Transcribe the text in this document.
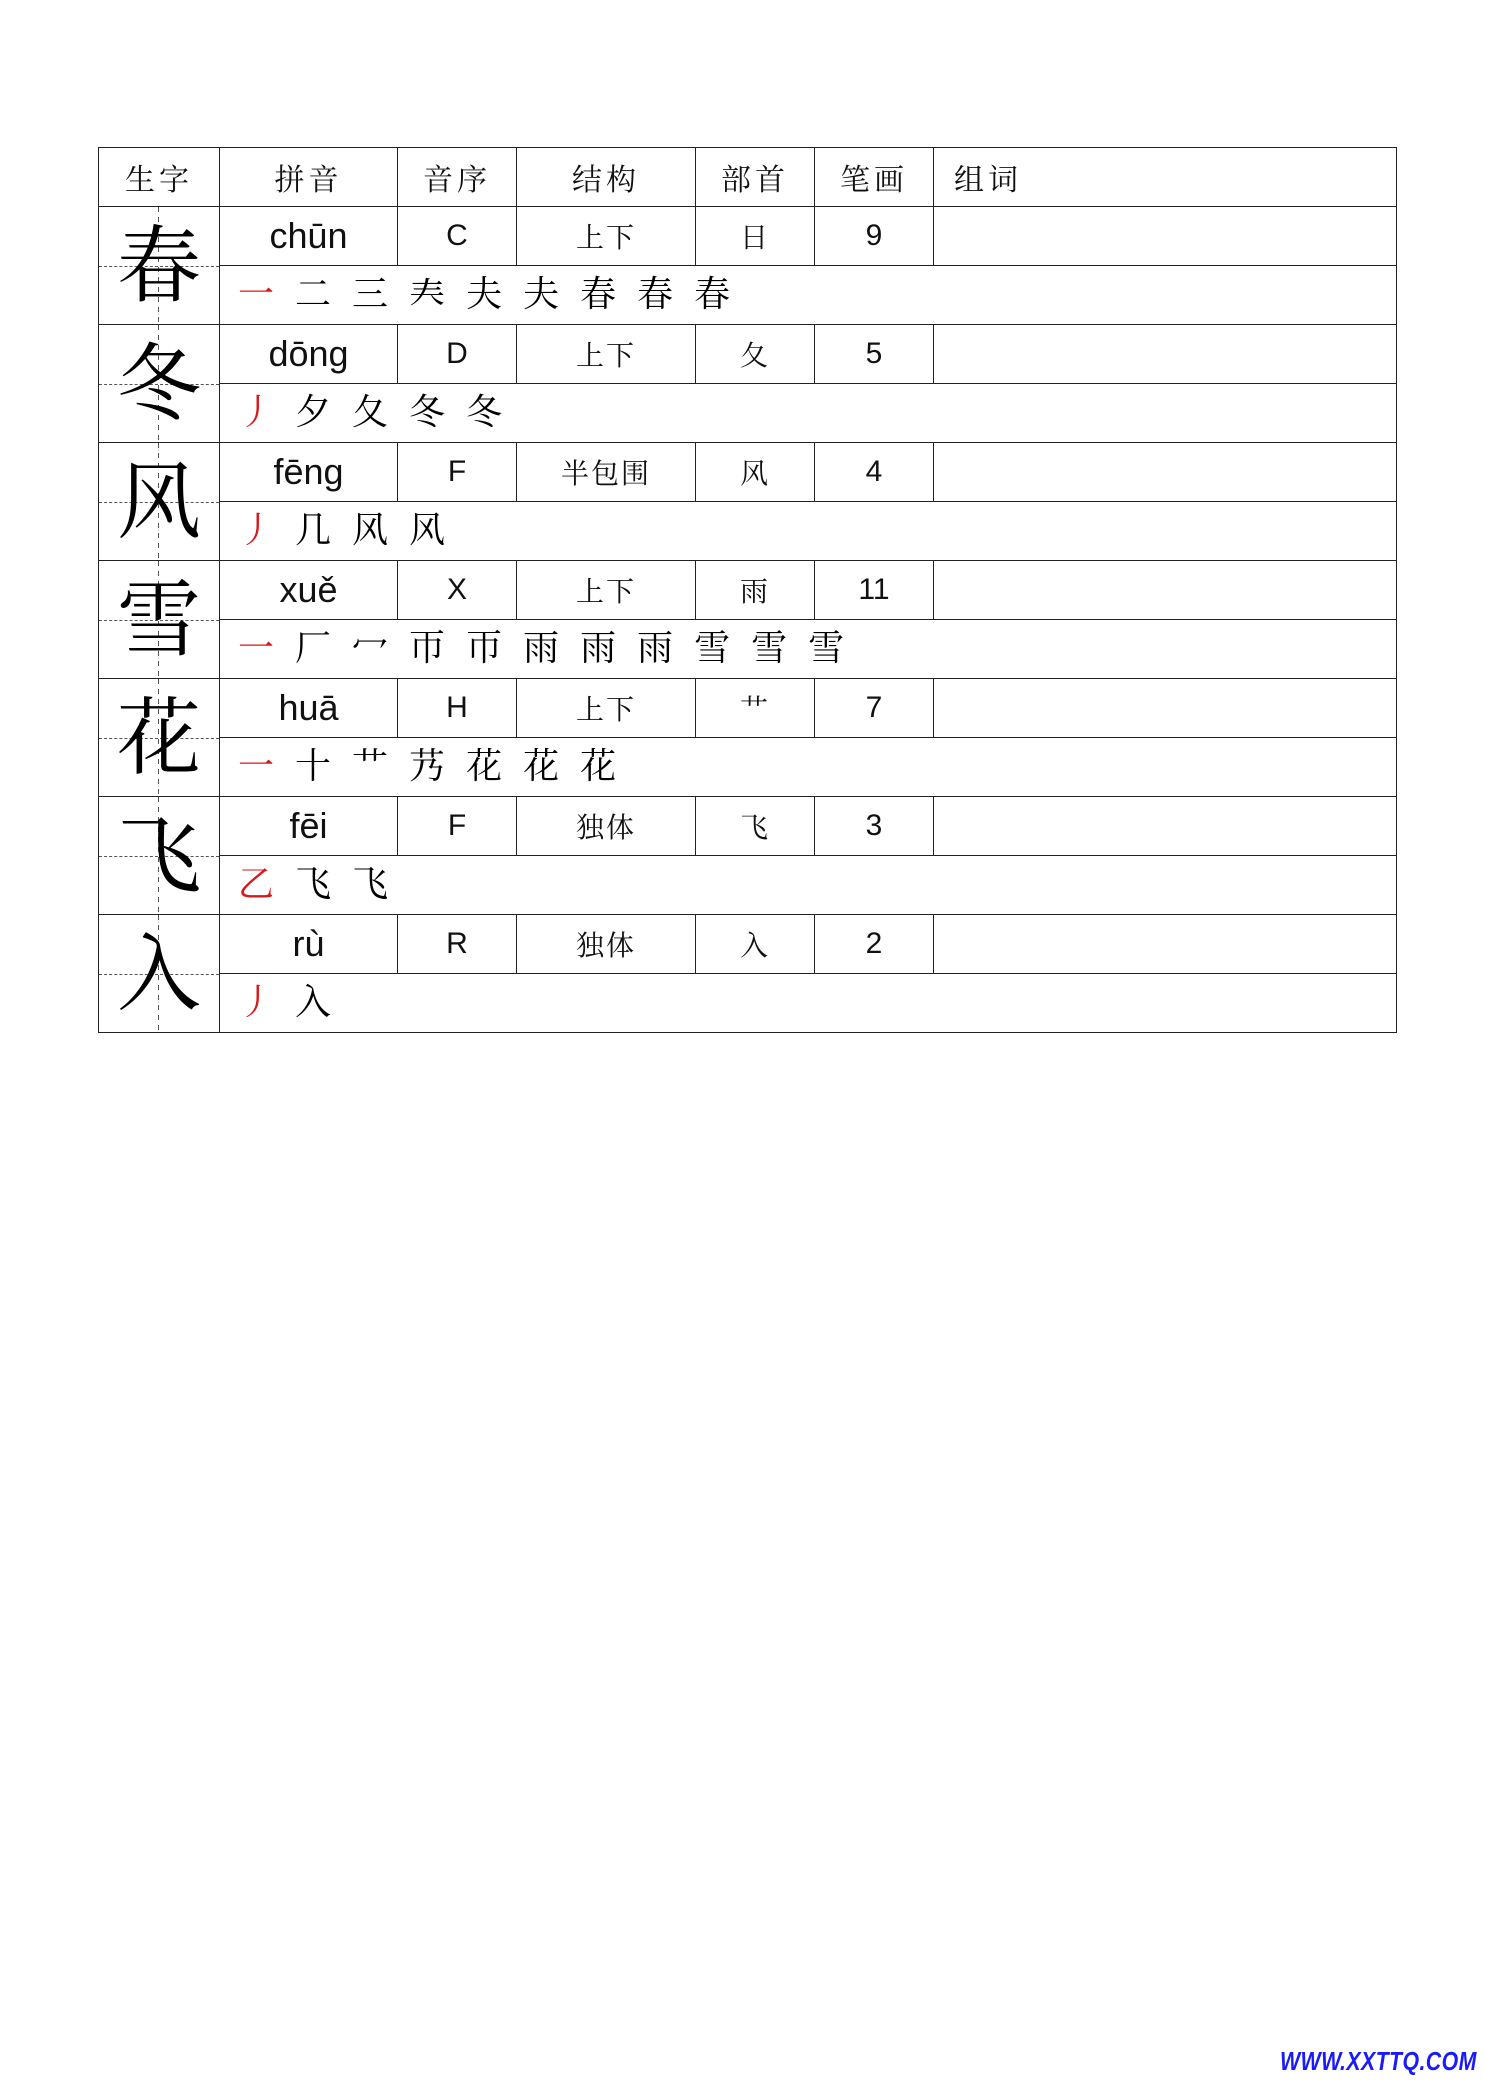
生字	拼音	音序	结构	部首	笔画	组词

春	chūn	C	上下	日	9	
	一 二 三 𡗗 夫 夫 春 春 春					

冬	dōng	D	上下	夂	5	
	丿 夕 夂 冬 冬					

风	fēng	F	半包围	风	4	
	丿 几 风 风					

雪	xuě	X	上下	雨	11	
	一 厂 冖 帀 帀 雨 雨 雨 雪 雪 雪					

花	huā	H	上下	艹	7	
	一 十 艹 艿 花 花 花					

飞	fēi	F	独体	飞	3	
	乙 飞 飞					

入	rù	R	独体	入	2	
	丿 入					
WWW.XXTTQ.COM
